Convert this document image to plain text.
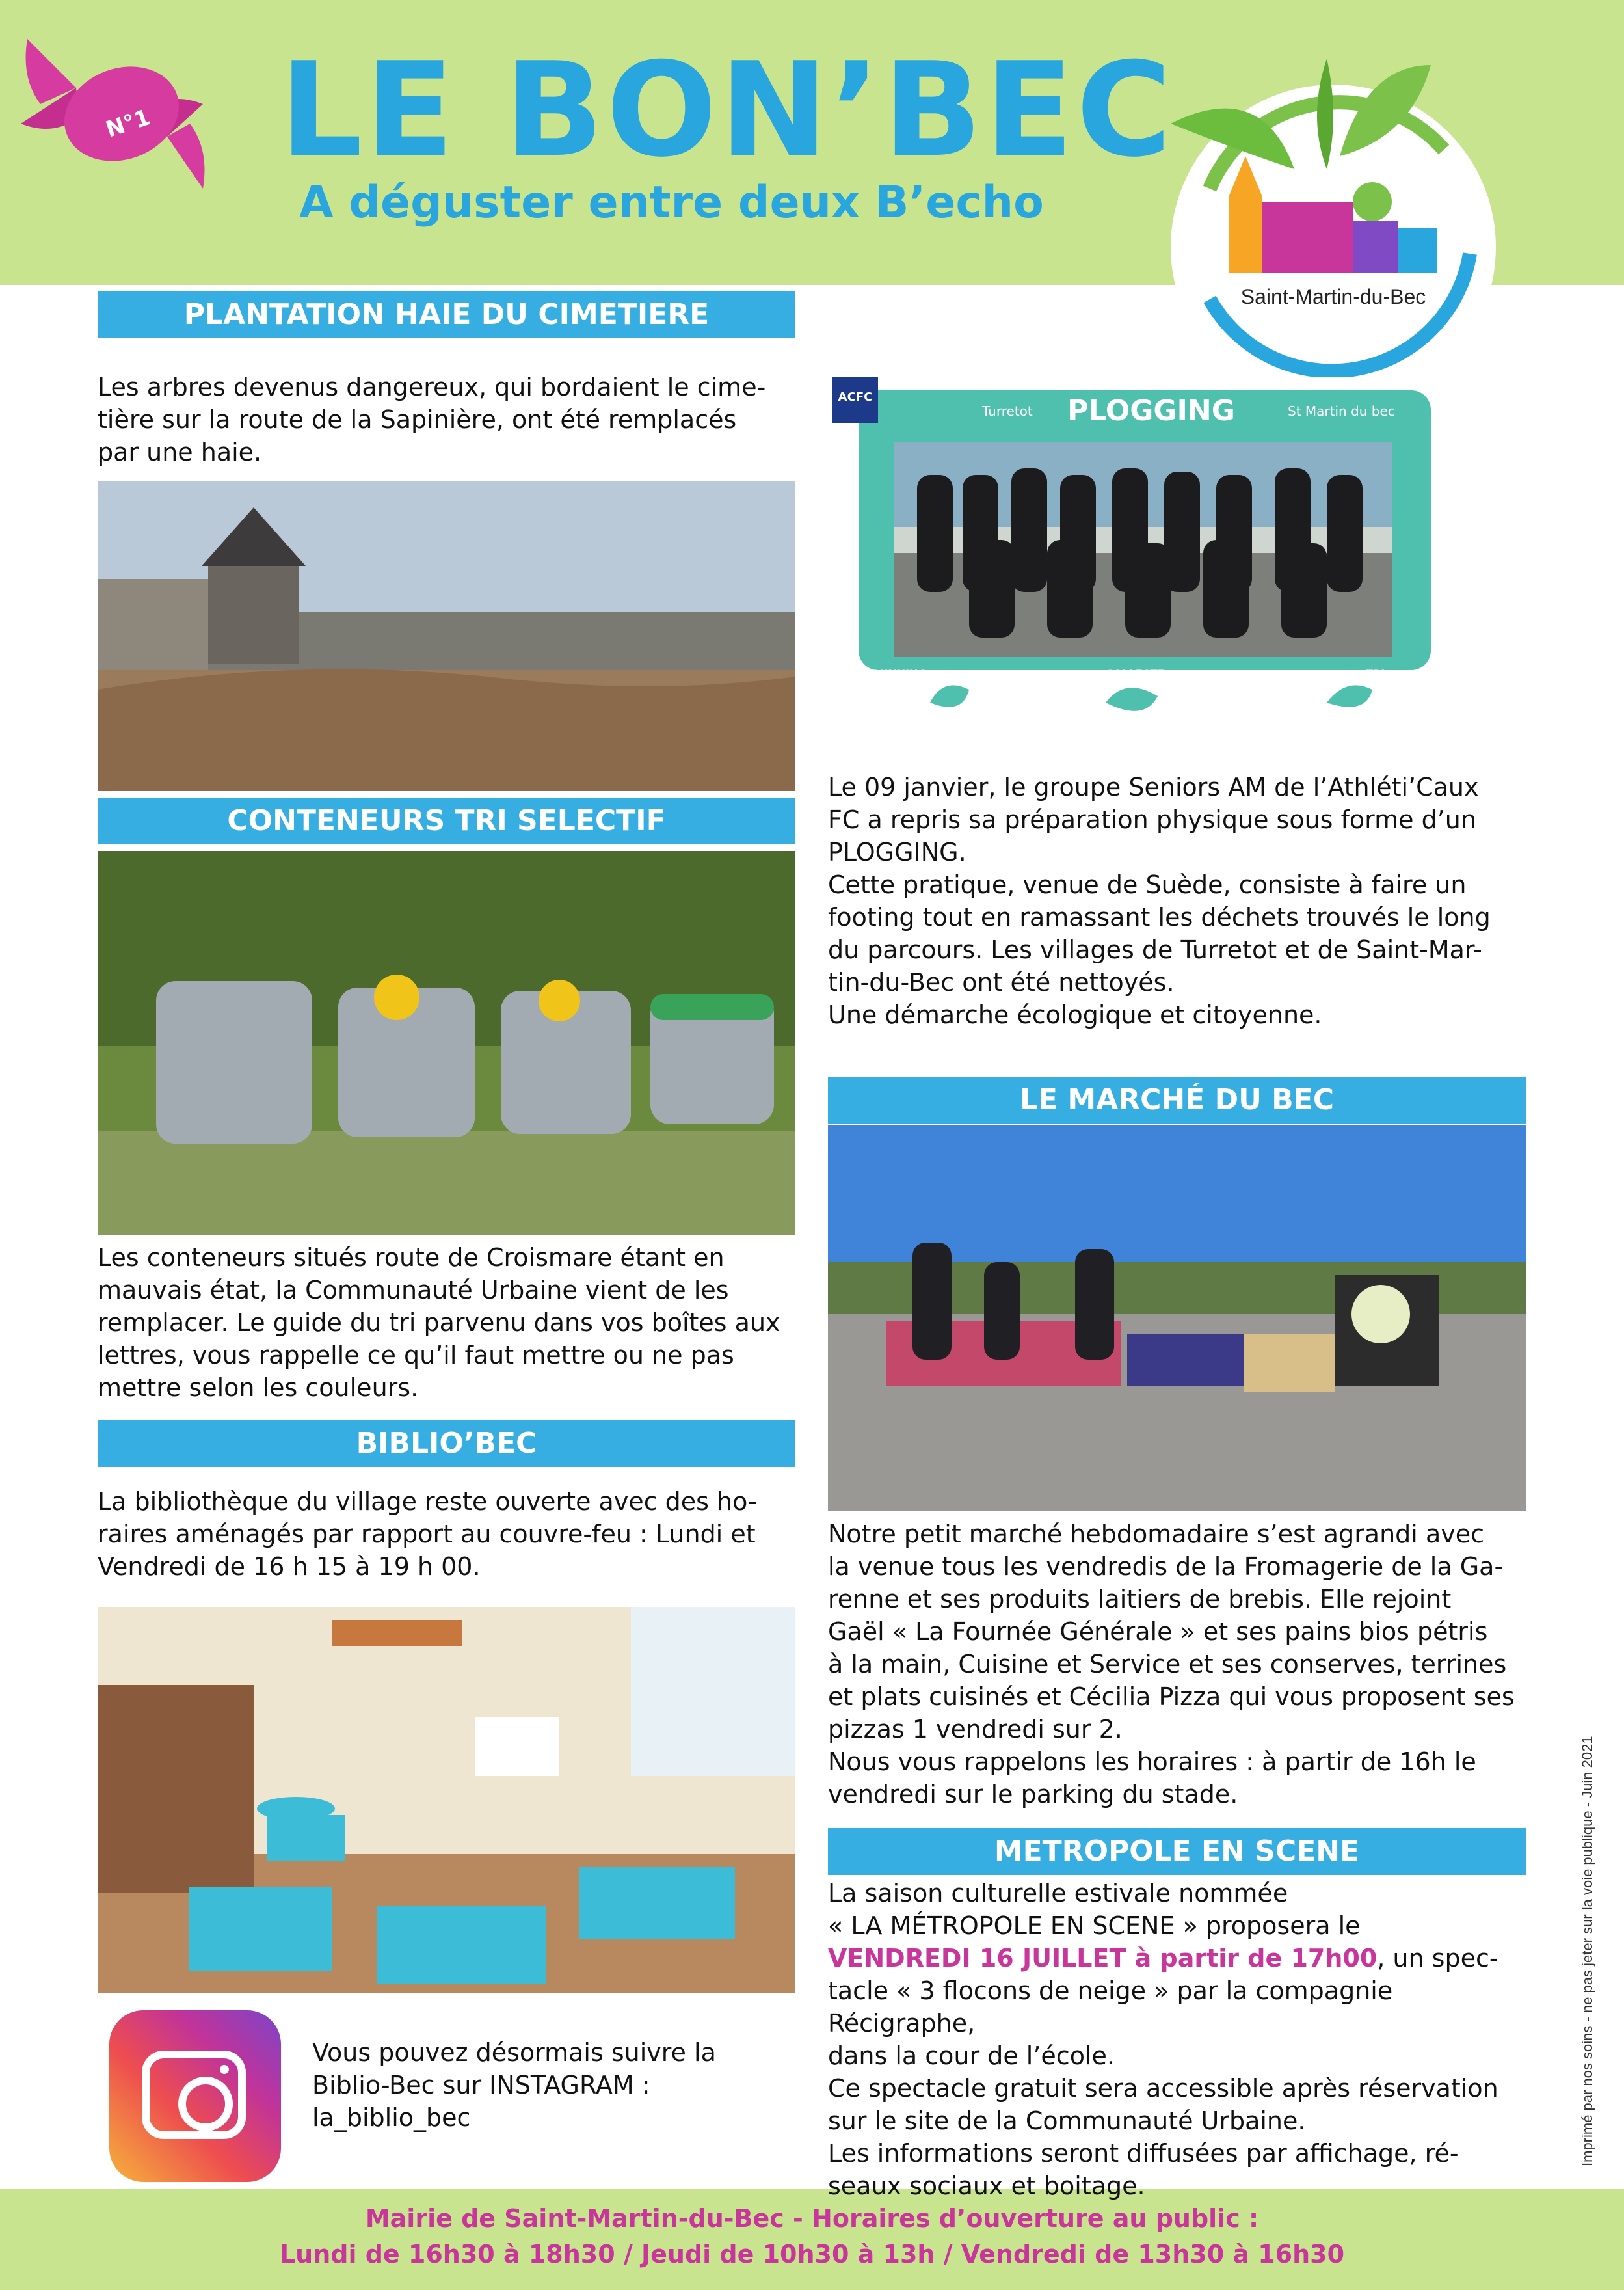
N°1 LE BON’BEC
A déguster entre deux B’echo
Saint-Martin-du-Bec
PLANTATION HAIE DU CIMETIERE

Les arbres devenus dangereux, qui bordaient le cime-

tière sur la route de la Sapinière, ont été remplacés

par une haie.

CONTENEURS TRI SELECTIF

Les conteneurs situés route de Croismare étant en

mauvais état, la Communauté Urbaine vient de les

remplacer. Le guide du tri parvenu dans vos boîtes aux

lettres, vous rappelle ce qu’il faut mettre ou ne pas

mettre selon les couleurs.

BIBLIO’BEC

La bibliothèque du village reste ouverte avec des ho-

raires aménagés par rapport au couvre-feu : Lundi et

Vendredi de 16 h 15 à 19 h 00.

Vous pouvez désormais suivre la

Biblio-Bec sur INSTAGRAM :

la_biblio_bec

PLOGGING
Turretot	St Martin du bec
ACFC
RUNNING	COLLECTE	TRI

Le 09 janvier, le groupe Seniors AM de l’Athléti’Caux

FC a repris sa préparation physique sous forme d’un

PLOGGING.

Cette pratique, venue de Suède, consiste à faire un

footing tout en ramassant les déchets trouvés le long

du parcours. Les villages de Turretot et de Saint-Mar-

tin-du-Bec ont été nettoyés.

Une démarche écologique et citoyenne.

LE MARCHÉ DU BEC

Notre petit marché hebdomadaire s’est agrandi avec

la venue tous les vendredis de la Fromagerie de la Ga-

renne et ses produits laitiers de brebis. Elle rejoint

Gaël « La Fournée Générale » et ses pains bios pétris

à la main, Cuisine et Service et ses conserves, terrines

et plats cuisinés et Cécilia Pizza qui vous proposent ses

pizzas 1 vendredi sur 2.

Nous vous rappelons les horaires : à partir de 16h le

vendredi sur le parking du stade.

METROPOLE EN SCENE

La saison culturelle estivale nommée

« LA MÉTROPOLE EN SCENE » proposera le

VENDREDI 16 JUILLET à partir de 17h00, un spec-

tacle « 3 flocons de neige » par la compagnie Récigraphe,

dans la cour de l’école.

Ce spectacle gratuit sera accessible après réservation

sur le site de la Communauté Urbaine.

Les informations seront diffusées par affichage, ré-

seaux sociaux et boitage.

Imprimé par nos soins - ne pas jeter sur la voie publique - Juin 2021
Mairie de Saint-Martin-du-Bec - Horaires d’ouverture au public :
Lundi de 16h30 à 18h30 / Jeudi de 10h30 à 13h / Vendredi de 13h30 à 16h30
